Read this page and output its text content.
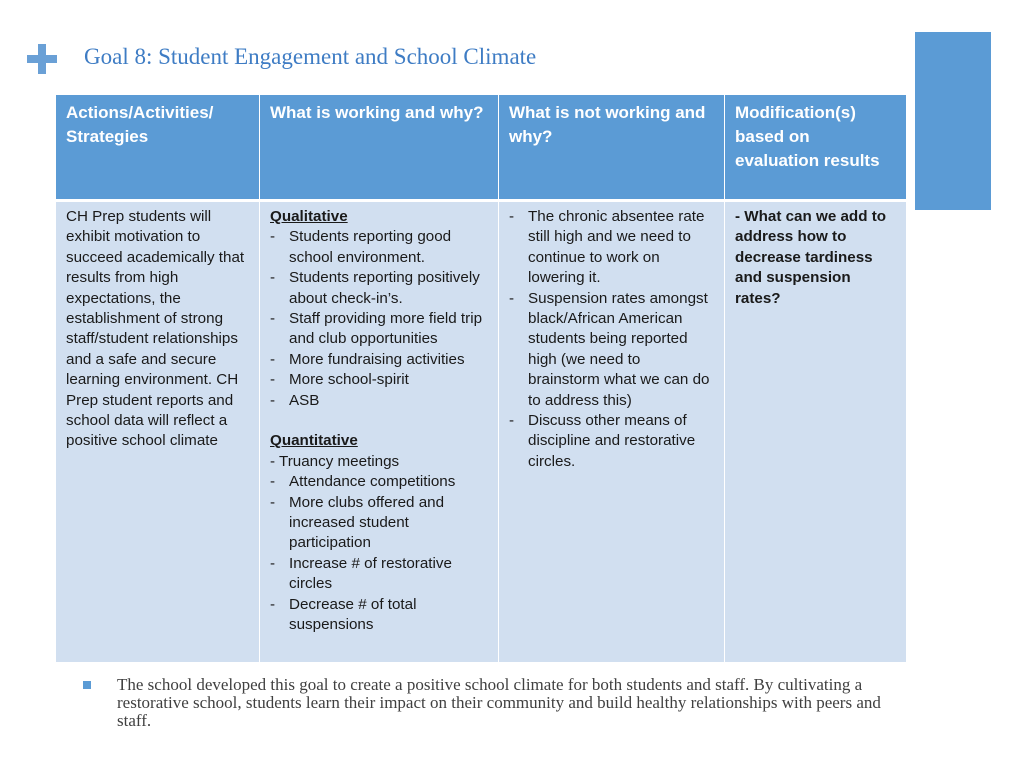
Goal 8: Student Engagement and School Climate
Actions/Activities/ Strategies
What is working and why?	What is not working and why?
Modification(s) based on evaluation results
CH Prep students will exhibit motivation to succeed academically that results from high expectations, the establishment of strong staff/student relationships and a safe and secure learning environment. CH Prep student reports and school data will reflect a positive school climate
Qualitative
- Students reporting good school environment.
- Students reporting positively about check-in’s.
- Staff providing more field trip and club opportunities
- More fundraising activities
- More school-spirit
- ASB
Quantitative
- Truancy meetings
- Attendance competitions
- More clubs offered and increased student participation
- Increase # of restorative circles
- Decrease # of total suspensions
- The chronic absentee rate still high and we need to continue to work on lowering it.
- Suspension rates amongst black/African American students being reported high (we need to brainstorm what we can do to address this)
- Discuss other means of discipline and restorative circles.
- What can we add to address how to decrease tardiness and suspension rates?
The school developed this goal to create a positive school climate for both students and staff. By cultivating a restorative school, students learn their impact on their community and build healthy relationships with peers and staff.
